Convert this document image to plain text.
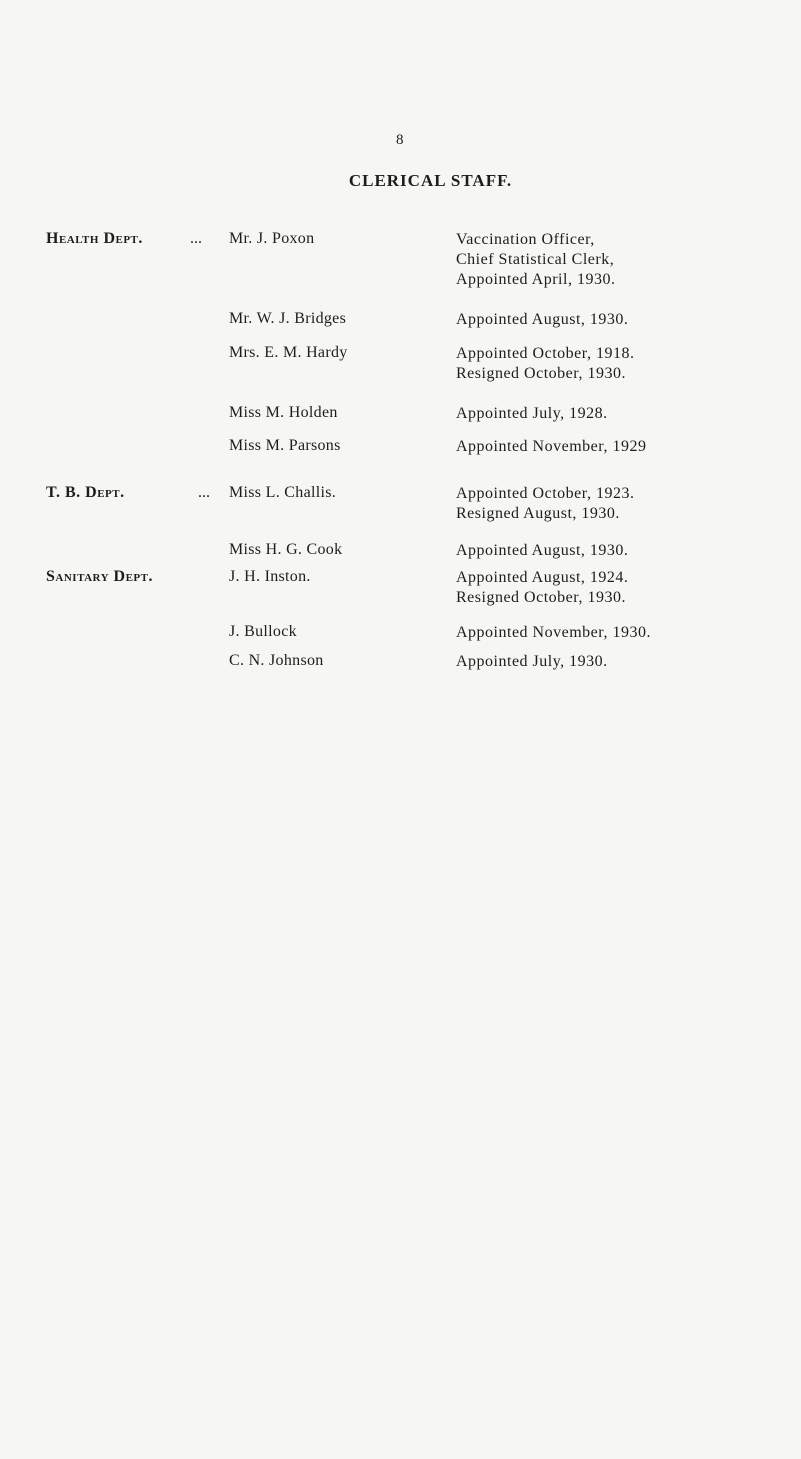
8
CLERICAL STAFF.
Health Dept.	... Mr. J. Poxon	Vaccination Officer,
Chief Statistical Clerk,
Appointed April, 1930.
Mr. W. J. Bridges	Appointed August, 1930.
Mrs. E. M. Hardy	Appointed October, 1918.
Resigned October, 1930.
Miss M. Holden	Appointed July, 1928.
Miss M. Parsons	Appointed November, 1929
T. B. Dept.	... Miss L. Challis.	Appointed October, 1923.
Resigned August, 1930.
Miss H. G. Cook	Appointed August, 1930.
Sanitary Dept.	J. H. Inston.	Appointed August, 1924.
Resigned October, 1930.
J. Bullock	Appointed November, 1930.
C. N. Johnson	Appointed July, 1930.
